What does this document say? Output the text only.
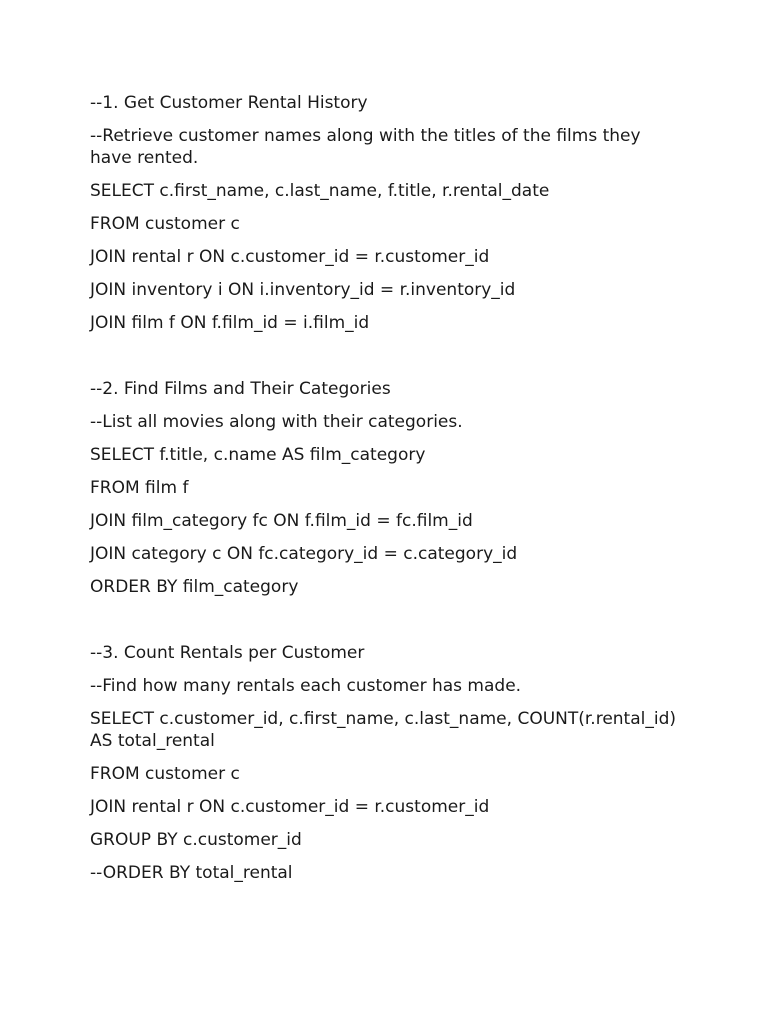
--1. Get Customer Rental History

--Retrieve customer names along with the titles of the films they have rented.

SELECT c.first_name, c.last_name, f.title, r.rental_date

FROM customer c

JOIN rental r ON c.customer_id = r.customer_id

JOIN inventory i ON i.inventory_id = r.inventory_id

JOIN film f ON f.film_id = i.film_id

--2. Find Films and Their Categories

--List all movies along with their categories.

SELECT f.title, c.name AS film_category

FROM film f

JOIN film_category fc ON f.film_id = fc.film_id

JOIN category c ON fc.category_id = c.category_id

ORDER BY film_category

--3. Count Rentals per Customer

--Find how many rentals each customer has made.

SELECT c.customer_id, c.first_name, c.last_name, COUNT(r.rental_id) AS total_rental

FROM customer c

JOIN rental r ON c.customer_id = r.customer_id

GROUP BY c.customer_id

--ORDER BY total_rental
